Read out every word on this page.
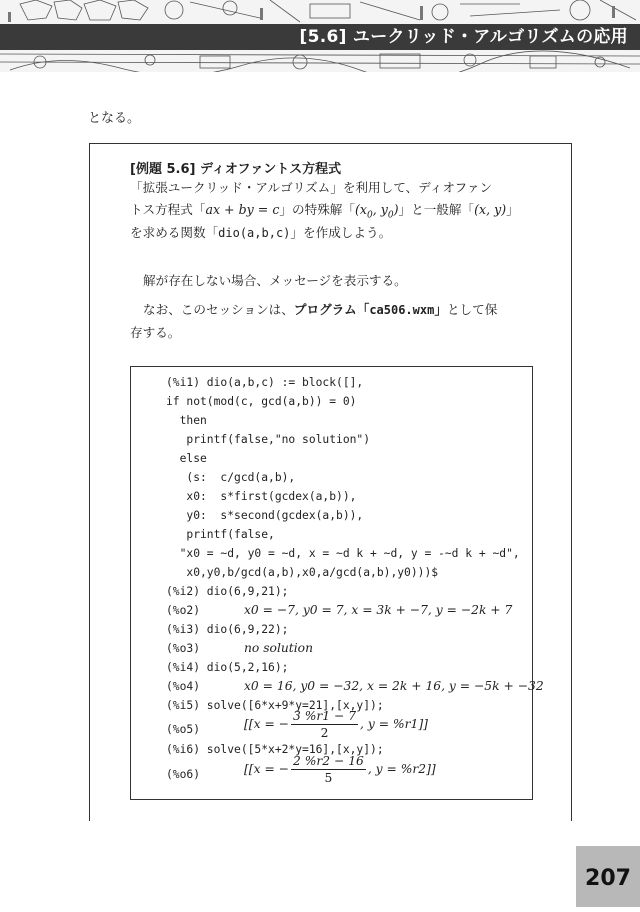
[5.6] ユークリッド・アルゴリズムの応用
となる。
[例題 5.6] ディオファントス方程式
「拡張ユークリッド・アルゴリズム」を利用して、ディオファン
トス方程式「ax + by = c」の特殊解「($x_0$, $y_0$)」と一般解「(x, y)」
を求める関数「dio(a,b,c)」を作成しよう。
解が存在しない場合、メッセージを表示する。
なお、このセッションは、プログラム「ca506.wxm」として保
存する。
(%i1) dio(a,b,c) := block([],
if not(mod(c, gcd(a,b)) = 0)
then
printf(false,"no solution")
else
(s:  c/gcd(a,b),
x0:  s*first(gcdex(a,b)),
y0:  s*second(gcdex(a,b)),
printf(false,
"x0 = ~d, y0 = ~d, x = ~d k + ~d, y = -~d k + ~d",
x0,y0,b/gcd(a,b),x0,a/gcd(a,b),y0)))$
(%i2) dio(6,9,21);
(%o2)	x0 = −7, y0 = 7, x = 3k + −7, y = −2k + 7
(%i3) dio(6,9,22);
(%o3)	no solution
(%i4) dio(5,2,16);
(%o4)	x0 = 16, y0 = −32, x = 2k + 16, y = −5k + −32
(%i5) solve([6*x+9*y=21],[x,y]);
(%o5)	[[x = − $\frac{3 \%r1 - 7}{2}$ , y = %r1]]
(%i6) solve([5*x+2*y=16],[x,y]);
(%o6)	[[x = − $\frac{2 \%r2 - 16}{5}$ , y = %r2]]
207
